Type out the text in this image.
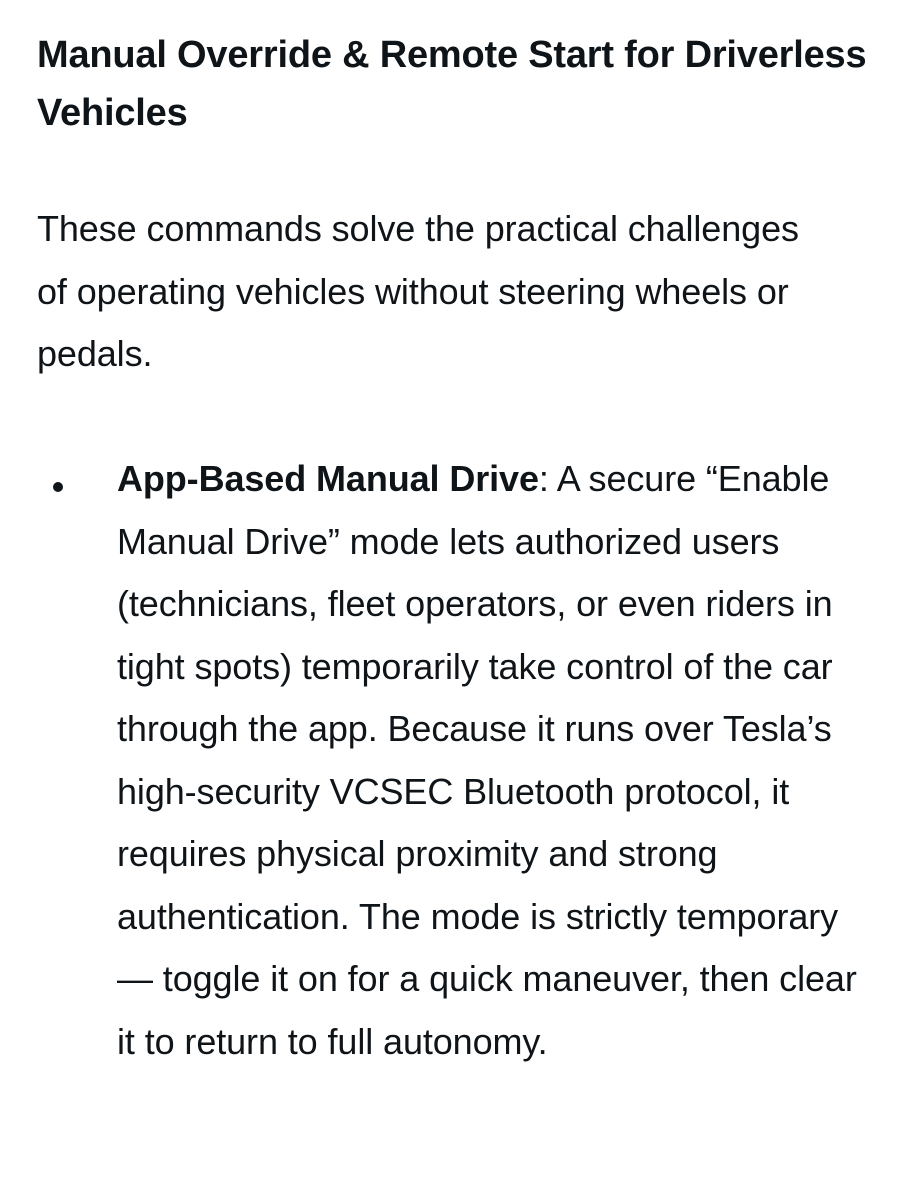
Manual Override & Remote Start for Driverless Vehicles

These commands solve the practical challenges of operating vehicles without steering wheels or pedals.

App-Based Manual Drive: A secure “Enable Manual Drive” mode lets authorized users (technicians, fleet operators, or even riders in tight spots) temporarily take control of the car through the app. Because it runs over Tesla’s high-security VCSEC Bluetooth protocol, it requires physical proximity and strong authentication. The mode is strictly temporary — toggle it on for a quick maneuver, then clear it to return to full autonomy.
